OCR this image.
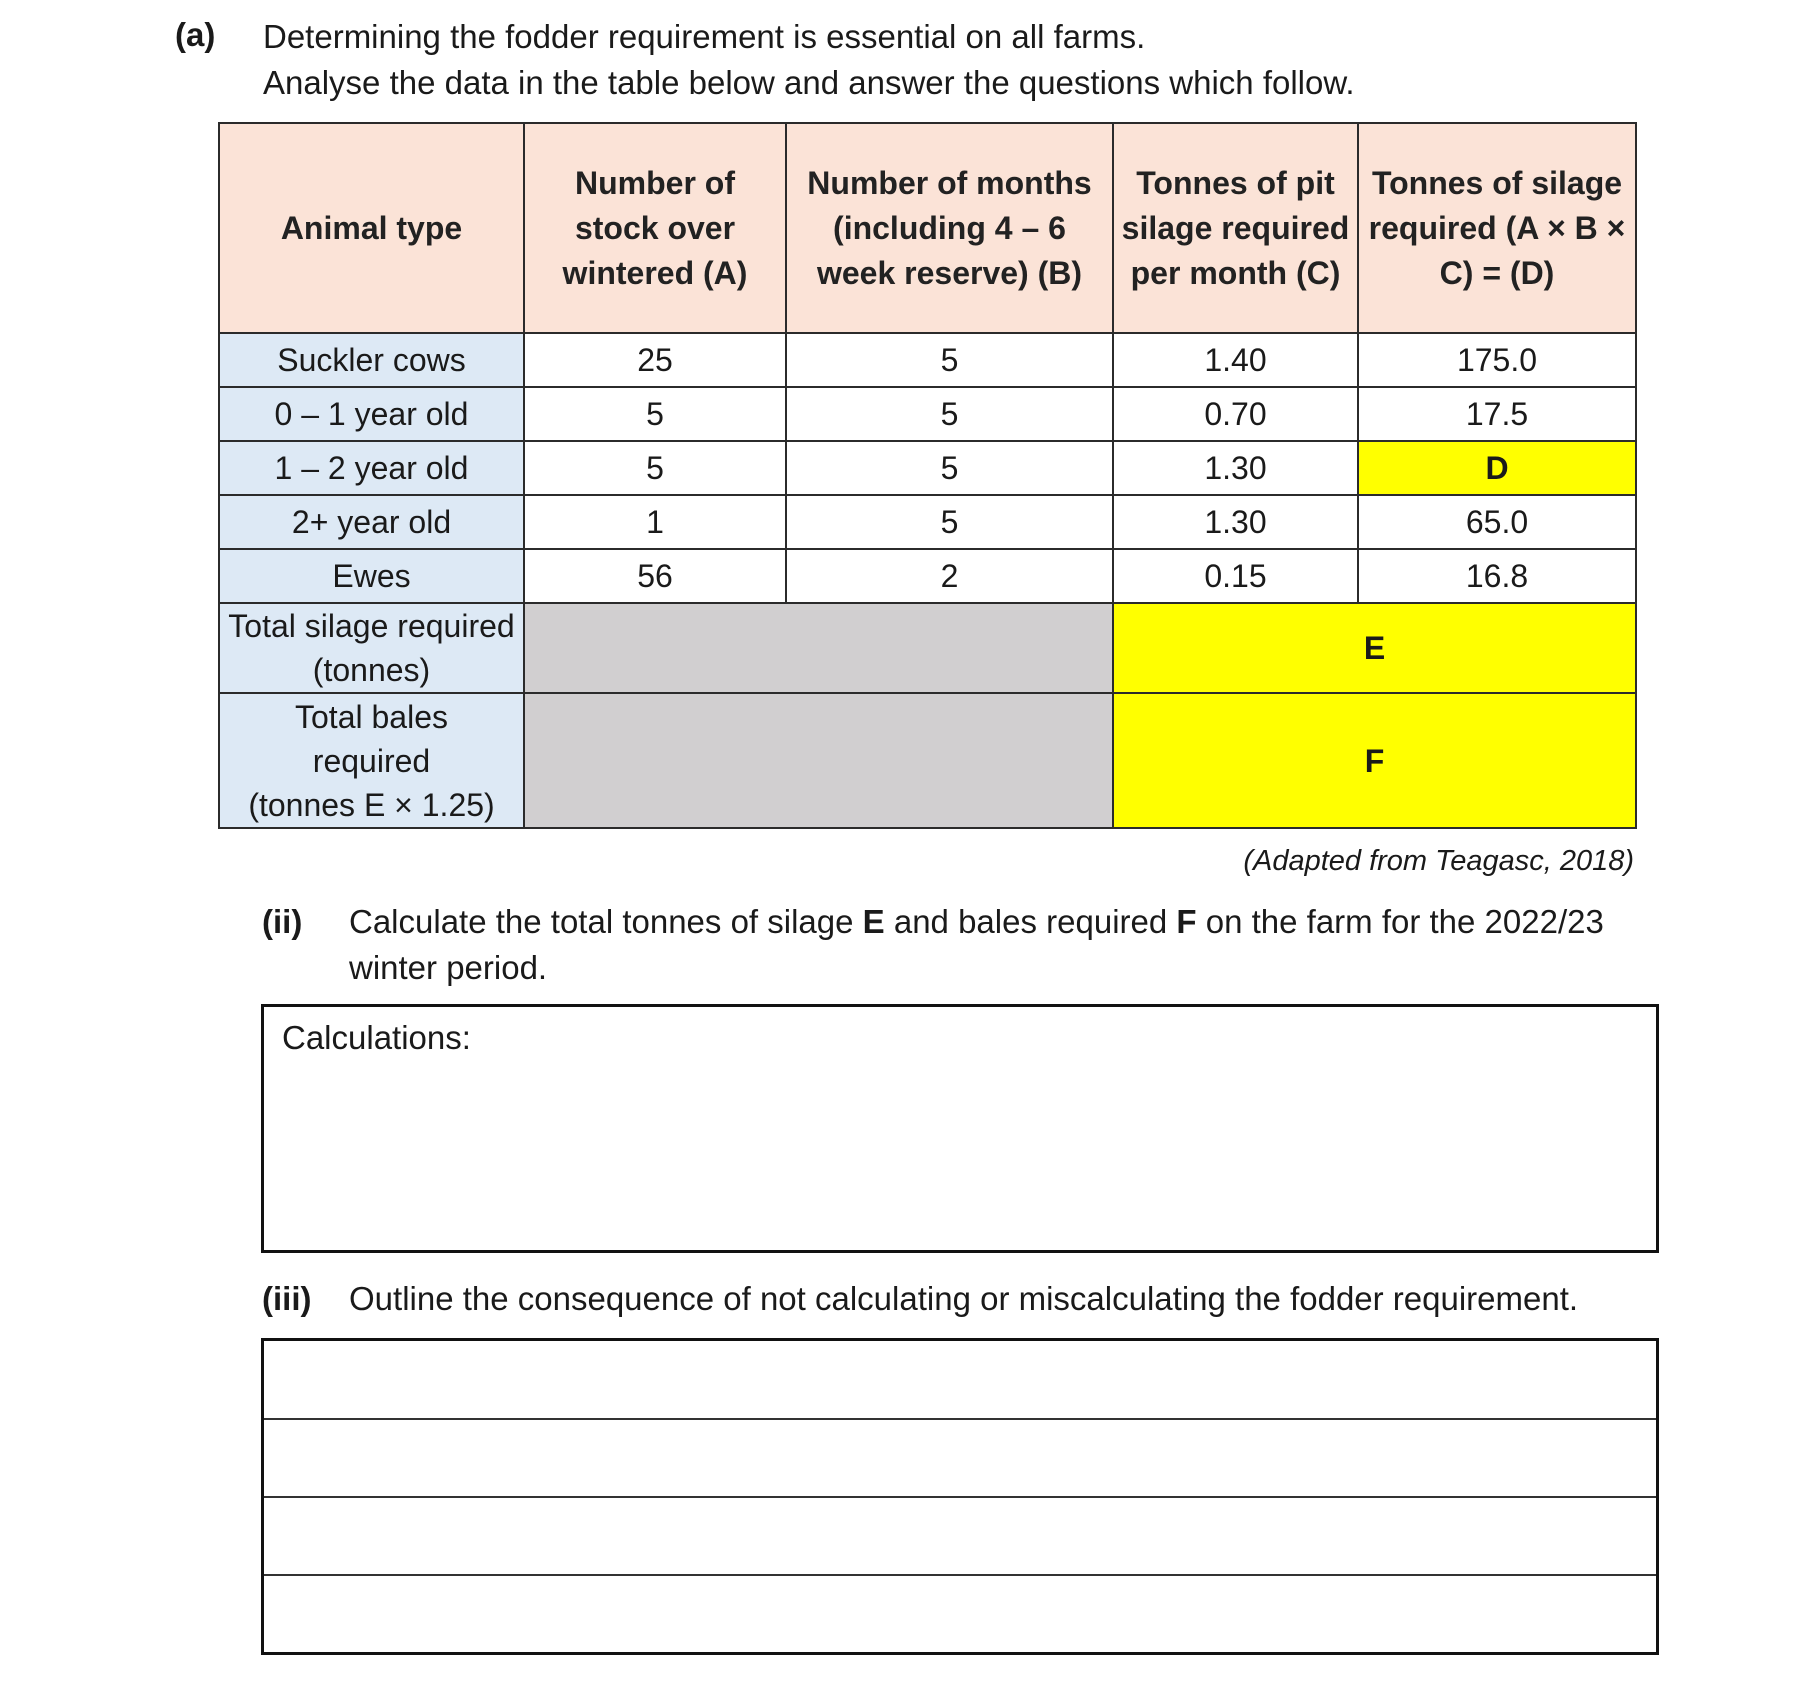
(a) Determining the fodder requirement is essential on all farms.
Analyse the data in the table below and answer the questions which follow.
Animal type	Number of stock over wintered (A)	Number of months (including 4 – 6 week reserve) (B)	Tonnes of pit silage required per month (C)	Tonnes of silage required (A × B × C) = (D)
Suckler cows	25	5	1.40	175.0
0 – 1 year old	5	5	0.70	17.5
1 – 2 year old	5	5	1.30	D
2+ year old	1	5	1.30	65.0
Ewes	56	2	0.15	16.8
Total silage required (tonnes)			E	

Total bales
required
(tonnes E × 1.25)			F	
(Adapted from Teagasc, 2018)
(ii) Calculate the total tonnes of silage E and bales required F on the farm for the 2022/23
winter period.
Calculations:
(iii) Outline the consequence of not calculating or miscalculating the fodder requirement.
